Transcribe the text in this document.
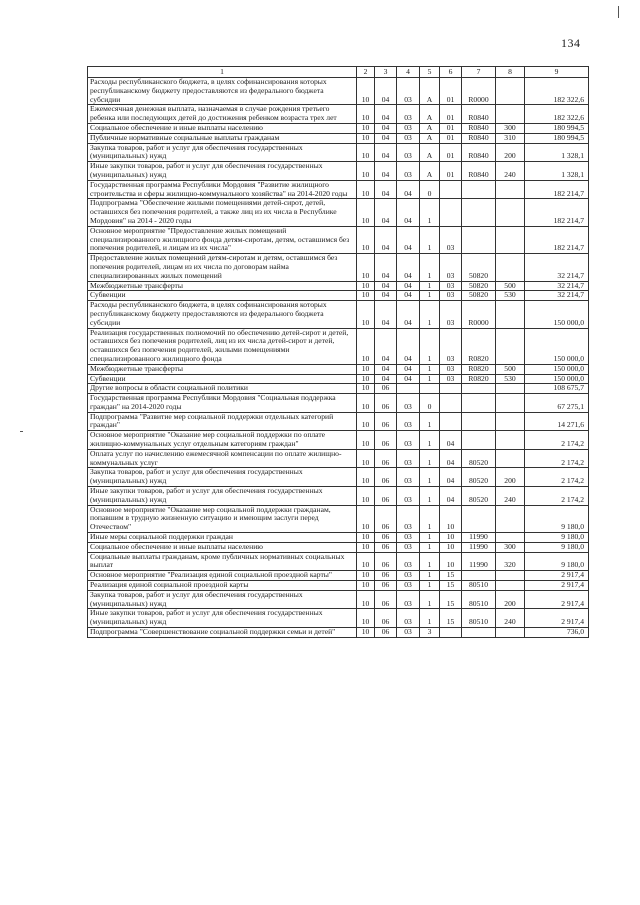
134
1	2	3	4	5	6	7	8	9
Расходы республиканского бюджета, в целях софинансирования которых республиканскому бюджету предоставляются из федерального бюджета субсидии	10	04	03	А	01	R0000		182 322,6
Ежемесячная денежная выплата, назначаемая в случае рождения третьего ребенка или последующих детей до достижения ребенком возраста трех лет	10	04	03	А	01	R0840		182 322,6
Социальное обеспечение и иные выплаты населению	10	04	03	А	01	R0840	300	180 994,5
Публичные нормативные социальные выплаты гражданам	10	04	03	А	01	R0840	310	180 994,5
Закупка товаров, работ и услуг для обеспечения государственных (муниципальных) нужд	10	04	03	А	01	R0840	200	1 328,1
Иные закупки товаров, работ и услуг для обеспечения государственных (муниципальных) нужд	10	04	03	А	01	R0840	240	1 328,1
Государственная программа Республики Мордовия "Развитие жилищного строительства и сферы жилищно-коммунального хозяйства" на 2014-2020 годы	10	04	04	0				182 214,7
Подпрограмма "Обеспечение жилыми помещениями детей-сирот, детей, оставшихся без попечения родителей, а также лиц из их числа в Республике Мордовия" на 2014 - 2020 годы	10	04	04	1				182 214,7
Основное мероприятие "Предоставление жилых помещений специализированного жилищного фонда детям-сиротам, детям, оставшимся без попечения родителей, и лицам из их числа"	10	04	04	1	03			182 214,7
Предоставление жилых помещений детям-сиротам и детям, оставшимся без попечения родителей, лицам из их числа по договорам найма специализированных жилых помещений	10	04	04	1	03	50820		32 214,7
Межбюджетные трансферты	10	04	04	1	03	50820	500	32 214,7
Субвенции	10	04	04	1	03	50820	530	32 214,7
Расходы республиканского бюджета, в целях софинансирования которых республиканскому бюджету предоставляются из федерального бюджета субсидии	10	04	04	1	03	R0000		150 000,0
Реализация государственных полномочий по обеспечению детей-сирот и детей, оставшихся без попечения родителей, лиц из их числа детей-сирот и детей, оставшихся без попечения родителей, жилыми помещениями специализированного жилищного фонда	10	04	04	1	03	R0820		150 000,0
Межбюджетные трансферты	10	04	04	1	03	R0820	500	150 000,0
Субвенции	10	04	04	1	03	R0820	530	150 000,0
Другие вопросы в области социальной политики	10	06						108 675,7
Государственная программа Республики Мордовия "Социальная поддержка граждан" на 2014-2020 годы	10	06	03	0				67 275,1
Подпрограмма "Развитие мер социальной поддержки отдельных категорий граждан"	10	06	03	1				14 271,6
Основное мероприятие "Оказание мер социальной поддержки по оплате жилищно-коммунальных услуг отдельным категориям граждан"	10	06	03	1	04			2 174,2
Оплата услуг по начислению ежемесячной компенсации по оплате жилищно-коммунальных услуг	10	06	03	1	04	80520		2 174,2
Закупка товаров, работ и услуг для обеспечения государственных (муниципальных) нужд	10	06	03	1	04	80520	200	2 174,2
Иные закупки товаров, работ и услуг для обеспечения государственных (муниципальных) нужд	10	06	03	1	04	80520	240	2 174,2
Основное мероприятие "Оказание мер социальной поддержки гражданам, попавшим в трудную жизненную ситуацию и имеющим заслуги перед Отечеством"	10	06	03	1	10			9 180,0
Иные меры социальной поддержки граждан	10	06	03	1	10	11990		9 180,0
Социальное обеспечение и иные выплаты населению	10	06	03	1	10	11990	300	9 180,0
Социальные выплаты гражданам, кроме публичных нормативных социальных выплат	10	06	03	1	10	11990	320	9 180,0
Основное мероприятие "Реализация единой социальной проездной карты"	10	06	03	1	15			2 917,4
Реализация единой социальной проездной карты	10	06	03	1	15	80510		2 917,4
Закупка товаров, работ и услуг для обеспечения государственных (муниципальных) нужд	10	06	03	1	15	80510	200	2 917,4
Иные закупки товаров, работ и услуг для обеспечения государственных (муниципальных) нужд	10	06	03	1	15	80510	240	2 917,4
Подпрограмма "Совершенствование социальной поддержки семьи и детей"	10	06	03	3				736,0
